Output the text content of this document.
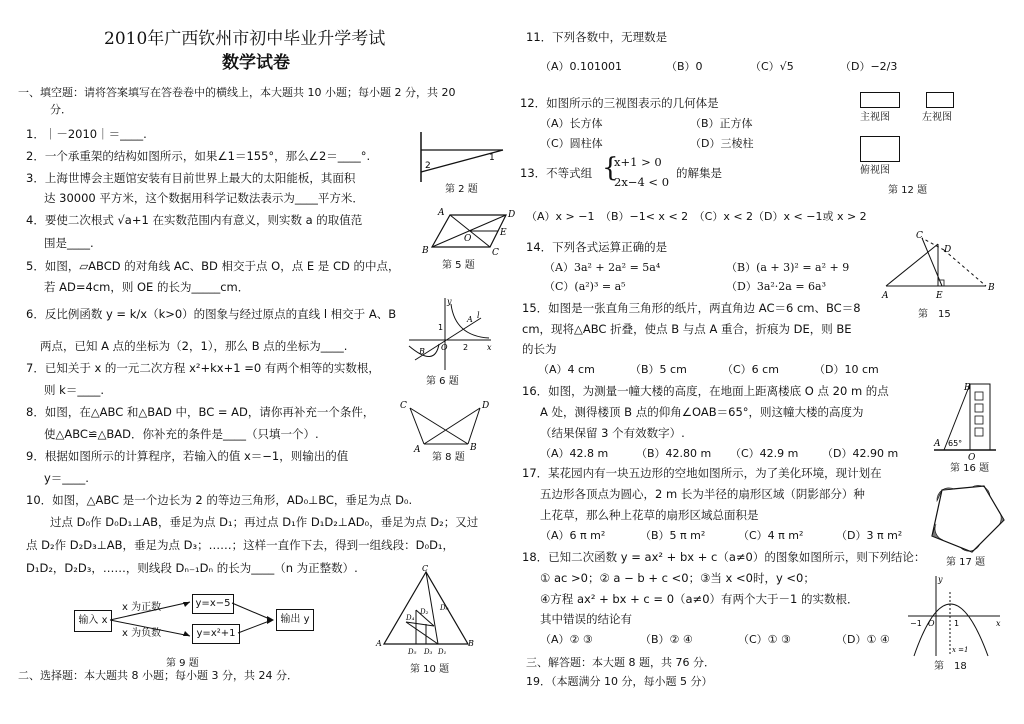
2010年广西钦州市初中毕业升学考试
数学试卷
一、填空题：请将答案填写在答卷卷中的横线上，本大题共 10 小题；每小题 2 分，共 20
分．
1．｜－2010｜＝____.
2．一个承重架的结构如图所示，如果∠1＝155°，那么∠2＝____°.
3．上海世博会主题馆安装有目前世界上最大的太阳能板，其面积
达 30000 平方米，这个数据用科学记数法表示为____平方米．
4．要使二次根式 √a+1 在实数范围内有意义，则实数 a 的取值范
围是____.
5．如图，▱ABCD 的对角线 AC、BD 相交于点 O，点 E 是 CD 的中点，
若 AD=4cm，则 OE 的长为_____cm．
6．反比例函数 y = k/x（k>0）的图象与经过原点的直线 l 相交于 A、B
两点，已知 A 点的坐标为（2，1），那么 B 点的坐标为____.
7．已知关于 x 的一元二次方程 x²+kx+1 =0 有两个相等的实数根，
则 k＝____.
8．如图，在△ABC 和△BAD 中，BC = AD，请你再补充一个条件，
使△ABC≌△BAD．你补充的条件是____（只填一个）.
9．根据如图所示的计算程序，若输入的值 x＝−1，则输出的值
y＝____.
10．如图，△ABC 是一个边长为 2 的等边三角形，AD₀⊥BC，垂足为点 D₀.
过点 D₀作 D₀D₁⊥AB，垂足为点 D₁；再过点 D₁作 D₁D₂⊥AD₀，垂足为点 D₂；又过
点 D₂作 D₂D₃⊥AB，垂足为点 D₃；……；这样一直作下去，得到一组线段：D₀D₁，
D₁D₂，D₂D₃，……，则线段 Dₙ₋₁Dₙ 的长为____（n 为正整数）.
2
1
第 2 题
A	D
B	C
O
E
第 5 题
y
x
O
A l
B
1
2
第 6 题
C	D
A	B
第 8 题
输入 x
x 为正数
x 为负数
y=x−5
y=x²+1
输出 y
第 9 题
C
A	B
D₀
D₂
D₄
D₅ D₃ D₁
第 10 题
二、选择题：本大题共 8 小题；每小题 3 分，共 24 分．
11．下列各数中，无理数是
（A）0.101001	（B）0	（C）√5	（D）−2/3
12．如图所示的三视图表示的几何体是
（A）长方体	（B）正方体
（C）圆柱体	（D）三棱柱
主视图	左视图
俯视图
第 12 题
13．不等式组 {
x+1 > 0
2x−4 < 0
的解集是
（A）x > −1　（B）−1< x < 2　（C）x < 2（D）x < −1或 x > 2
14．下列各式运算正确的是
（A）3a² + 2a² = 5a⁴	（B）(a + 3)² = a² + 9
（C）(a²)³ = a⁵	（D）3a²·2a = 6a³
C
D
A
B
E
第　15
15．如图是一张直角三角形的纸片，两直角边 AC＝6 cm、BC＝8
cm，现将△ABC 折叠，使点 B 与点 A 重合，折痕为 DE，则 BE
的长为
（A）4 cm	（B）5 cm	（C）6 cm	（D）10 cm
16．如图，为测量一幢大楼的高度，在地面上距离楼底 O 点 20 m 的点
A 处，测得楼顶 B 点的仰角∠OAB＝65°，则这幢大楼的高度为
（结果保留 3 个有效数字）.
（A）42.8 m	（B）42.80 m （C）42.9 m （D）42.90 m
B
A 65°
O
第 16 题
17．某花园内有一块五边形的空地如图所示，为了美化环境，现计划在
五边形各顶点为圆心，2 m 长为半径的扇形区域（阴影部分）种
上花草，那么种上花草的扇形区域总面积是
（A）6 π m²	（B）5 π m²	（C）4 π m²	（D）3 π m²
第 17 题
18．已知二次函数 y = ax² + bx + c（a≠0）的图象如图所示，则下列结论：
① ac >0；② a − b + c <0；③当 x <0时，y <0；
④方程 ax² + bx + c = 0（a≠0）有两个大于－1 的实数根．
其中错误的结论有
（A）② ③	（B）② ④	（C）① ③	（D）① ④
y
x
O
−1	1
x =1
第　18
三、解答题：本大题 8 题，共 76 分．
19．（本题满分 10 分，每小题 5 分）
